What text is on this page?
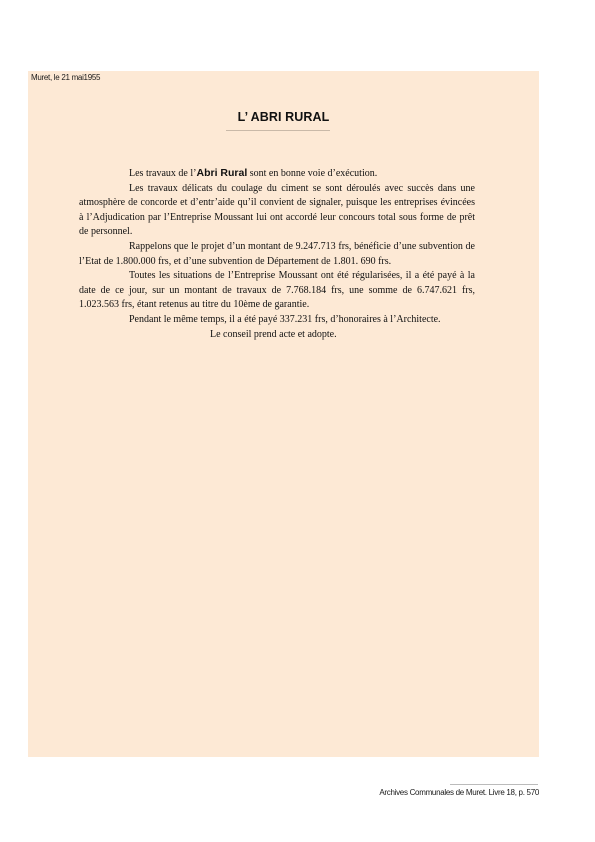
Muret, le 21 mai1955
L’ ABRI RURAL

Les travaux de l’Abri Rural sont en bonne voie d’exécution.

Les travaux délicats du coulage du ciment se sont déroulés avec succès dans une atmosphère de concorde et d’entr’aide qu’il convient de signaler, puisque les entreprises évincées à l’Adjudication par l’Entreprise Moussant lui ont accordé leur concours total sous forme de prêt de personnel.

Rappelons que le projet d’un montant de 9.247.713 frs, bénéficie d’une subvention de l’Etat de 1.800.000 frs, et d’une subvention de Département de 1.801. 690 frs.

Toutes les situations de l’Entreprise Moussant ont été régularisées, il a été payé à la date de ce jour, sur un montant de travaux de 7.768.184 frs, une somme de 6.747.621 frs, 1.023.563 frs, étant retenus au titre du 10ème de garantie.

Pendant le même temps, il a été payé 337.231 frs, d’honoraires à l’Architecte.

Le conseil prend acte et adopte.

Archives Communales de Muret. Livre 18, p. 570
